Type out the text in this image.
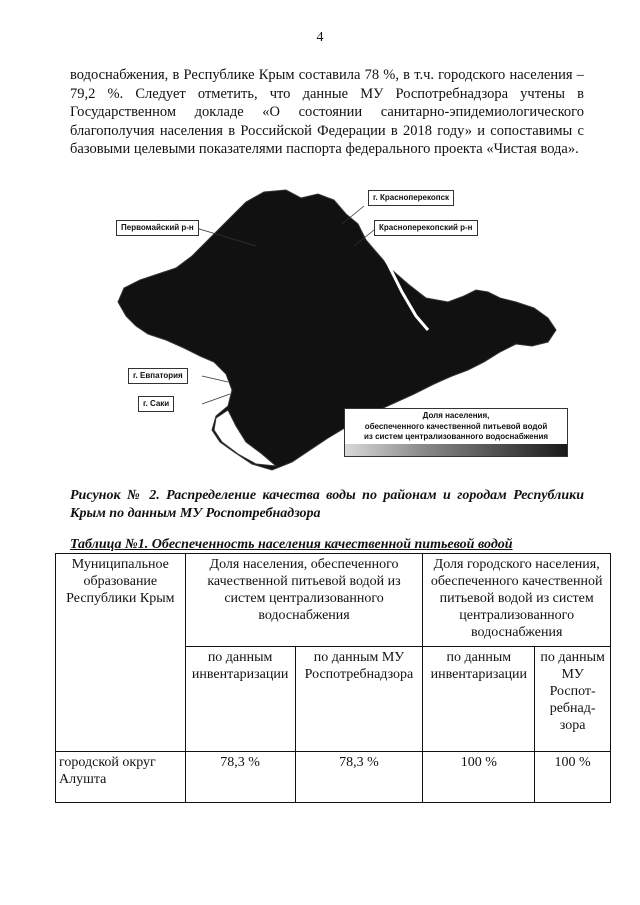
4

водоснабжения, в Республике Крым составила 78 %, в т.ч. городского населения – 79,2 %. Следует отметить, что данные МУ Роспотребнадзора учтены в Государственном докладе «О состоянии санитарно-эпидемиологического благополучия населения в Российской Федерации в 2018 году» и сопоставимы с базовыми целевыми показателями паспорта федерального проекта «Чистая вода».

г. Красноперекопск
Красноперекопский р-н
Первомайский р-н
г. Евпатория
г. Саки
Доля населения,
обеспеченного качественной питьевой водой
из систем централизованного водоснабжения

Рисунок № 2. Распределение качества воды по районам и городам Республики Крым по данным МУ Роспотребнадзора

Таблица №1. Обеспеченность населения качественной питьевой водой

Муниципальное образование Республики Крым	Доля населения, обеспеченного качественной питьевой водой из систем централизованного водоснабжения		Доля городского населения, обеспеченного качественной питьевой водой из систем централизованного водоснабжения	
	по данным инвентаризации	по данным МУ Роспотребнадзора	по данным инвентаризации	по данным МУ Роспот-ребнад-зора
городской округ Алушта	78,3 %	78,3 %	100 %	100 %
